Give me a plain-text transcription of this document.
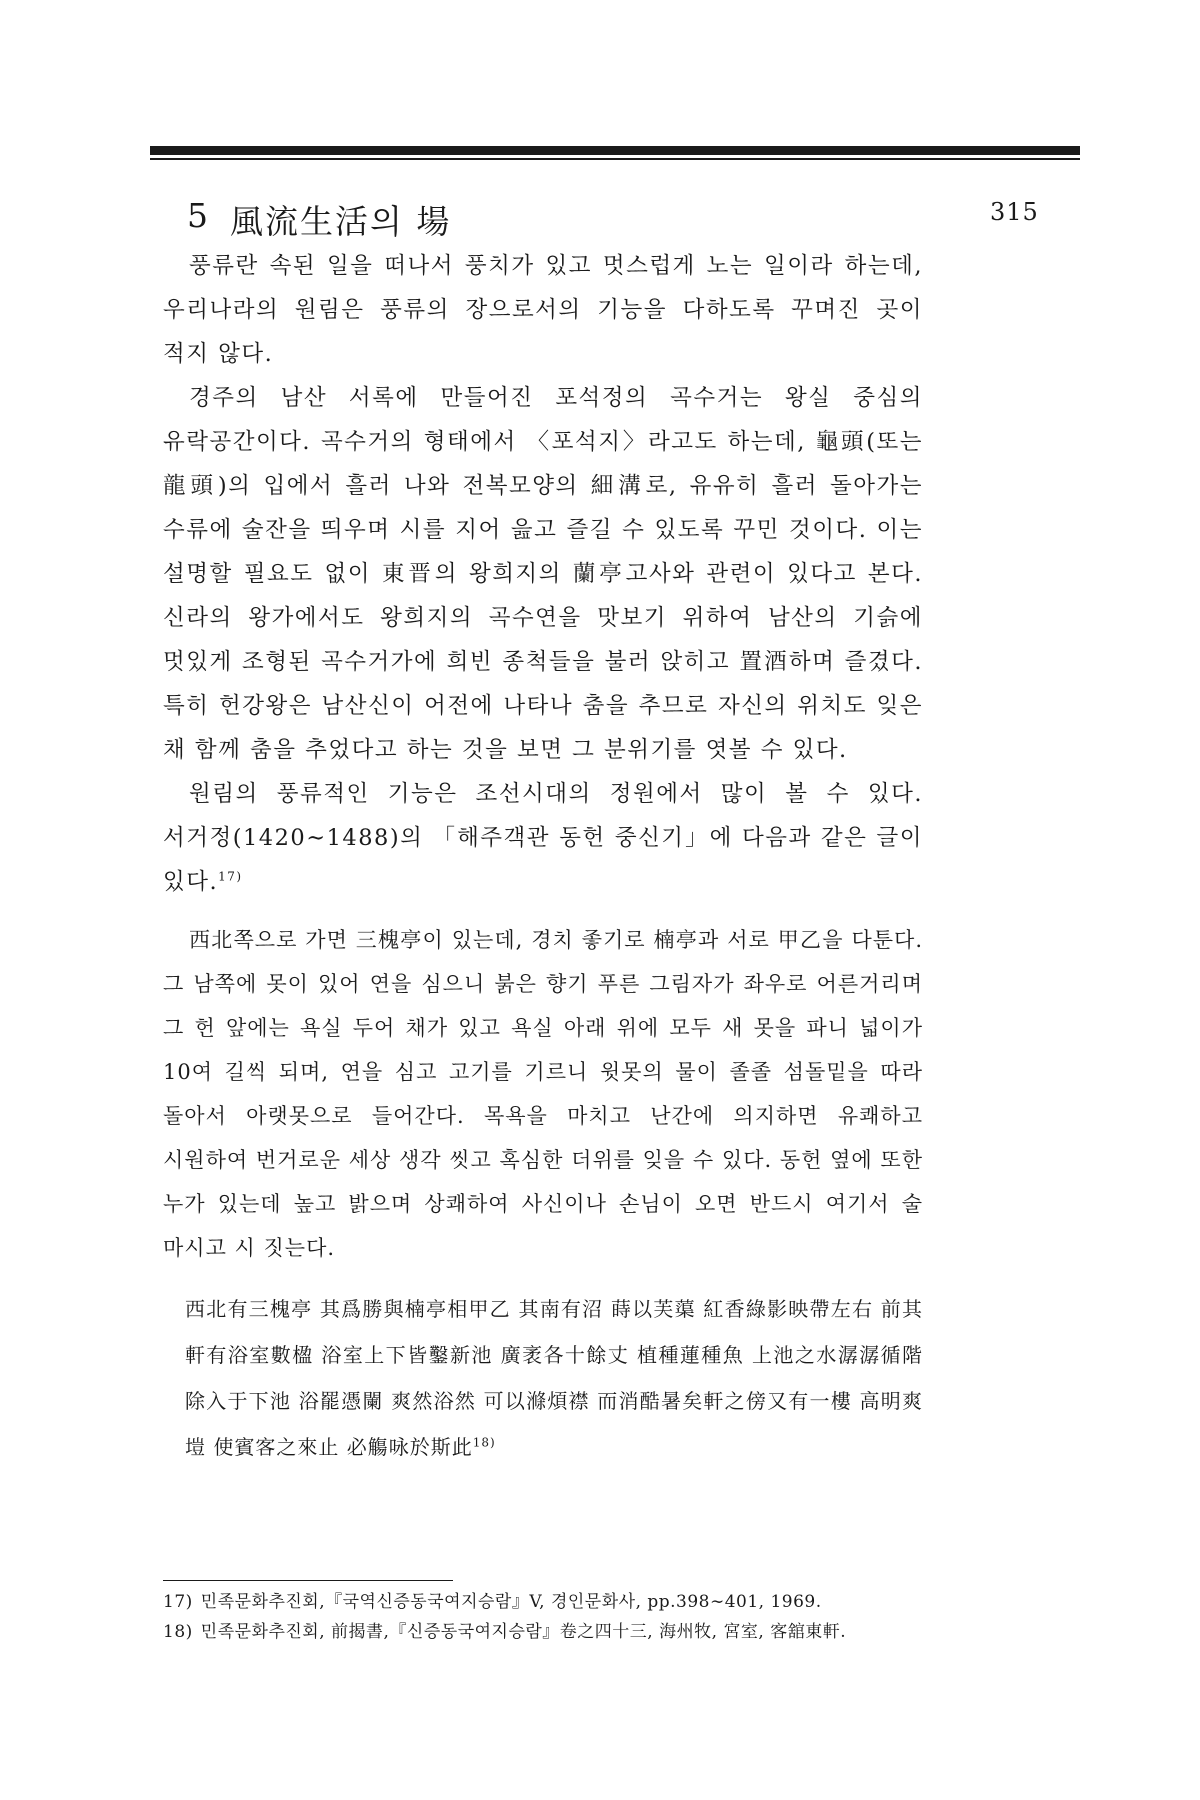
315
5 風流生活의 場

풍류란 속된 일을 떠나서 풍치가 있고 멋스럽게 노는 일이라 하는데, 우리나라의 원림은 풍류의 장으로서의 기능을 다하도록 꾸며진 곳이 적지 않다.

경주의 남산 서록에 만들어진 포석정의 곡수거는 왕실 중심의 유락공간이다. 곡수거의 형태에서 〈포석지〉라고도 하는데, 龜頭(또는 龍頭)의 입에서 흘러 나와 전복모양의 細溝로, 유유히 흘러 돌아가는 수류에 술잔을 띄우며 시를 지어 읊고 즐길 수 있도록 꾸민 것이다. 이는 설명할 필요도 없이 東晋의 왕희지의 蘭亭고사와 관련이 있다고 본다. 신라의 왕가에서도 왕희지의 곡수연을 맛보기 위하여 남산의 기슭에 멋있게 조형된 곡수거가에 희빈 종척들을 불러 앉히고 置酒하며 즐겼다. 특히 헌강왕은 남산신이 어전에 나타나 춤을 추므로 자신의 위치도 잊은 채 함께 춤을 추었다고 하는 것을 보면 그 분위기를 엿볼 수 있다.

원림의 풍류적인 기능은 조선시대의 정원에서 많이 볼 수 있다. 서거정(1420∼1488)의 「해주객관 동헌 중신기」에 다음과 같은 글이 있다.$^{17)}$

西北쪽으로 가면 三槐亭이 있는데, 경치 좋기로 楠亭과 서로 甲乙을 다툰다. 그 남쪽에 못이 있어 연을 심으니 붉은 향기 푸른 그림자가 좌우로 어른거리며 그 헌 앞에는 욕실 두어 채가 있고 욕실 아래 위에 모두 새 못을 파니 넓이가 10여 길씩 되며, 연을 심고 고기를 기르니 윗못의 물이 졸졸 섬돌밑을 따라 돌아서 아랫못으로 들어간다. 목욕을 마치고 난간에 의지하면 유쾌하고 시원하여 번거로운 세상 생각 씻고 혹심한 더위를 잊을 수 있다. 동헌 옆에 또한 누가 있는데 높고 밝으며 상쾌하여 사신이나 손님이 오면 반드시 여기서 술 마시고 시 짓는다.

西北有三槐亭 其爲勝與楠亭相甲乙 其南有沼 蒔以芙蕖 紅香綠影映帶左右 前其軒有浴室數楹 浴室上下皆鑿新池 廣袤各十餘丈 植種蓮種魚 上池之水潺潺循階除入于下池 浴罷憑闌 爽然浴然 可以滌煩襟 而消酷暑矣軒之傍又有一樓 高明爽塏 使賓客之來止 必觴咏於斯此$^{18)}$

17) 민족문화추진회,『국역신증동국여지승람』V, 경인문화사, pp.398∼401, 1969.

18) 민족문화추진회, 前揭書,『신증동국여지승람』卷之四十三, 海州牧, 宮室, 客舘東軒.
